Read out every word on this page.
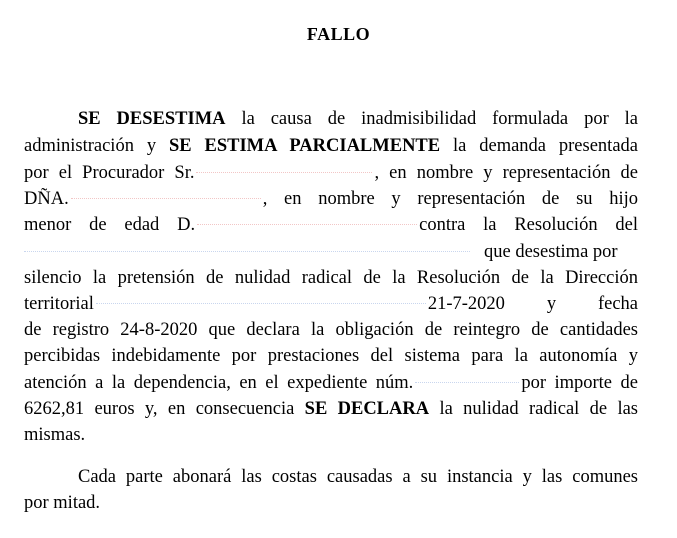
FALLO
SE DESESTIMA la causa de inadmisibilidad formulada por la
administración y SE ESTIMA PARCIALMENTE la demanda presentada
por el Procurador Sr.	, en nombre y representación de
DÑA.	, en nombre y representación de su hijo
menor de edad D.	contra la Resolución del
que desestima por
silencio la pretensión de nulidad radical de la Resolución de la Dirección
territorial	21-7-2020 y fecha
de registro 24-8-2020 que declara la obligación de reintegro de cantidades
percibidas indebidamente por prestaciones del sistema para la autonomía y
atención a la dependencia, en el expediente núm.	por importe de
6262,81 euros y, en consecuencia SE DECLARA la nulidad radical de las
mismas.
Cada parte abonará las costas causadas a su instancia y las comunes
por mitad.
